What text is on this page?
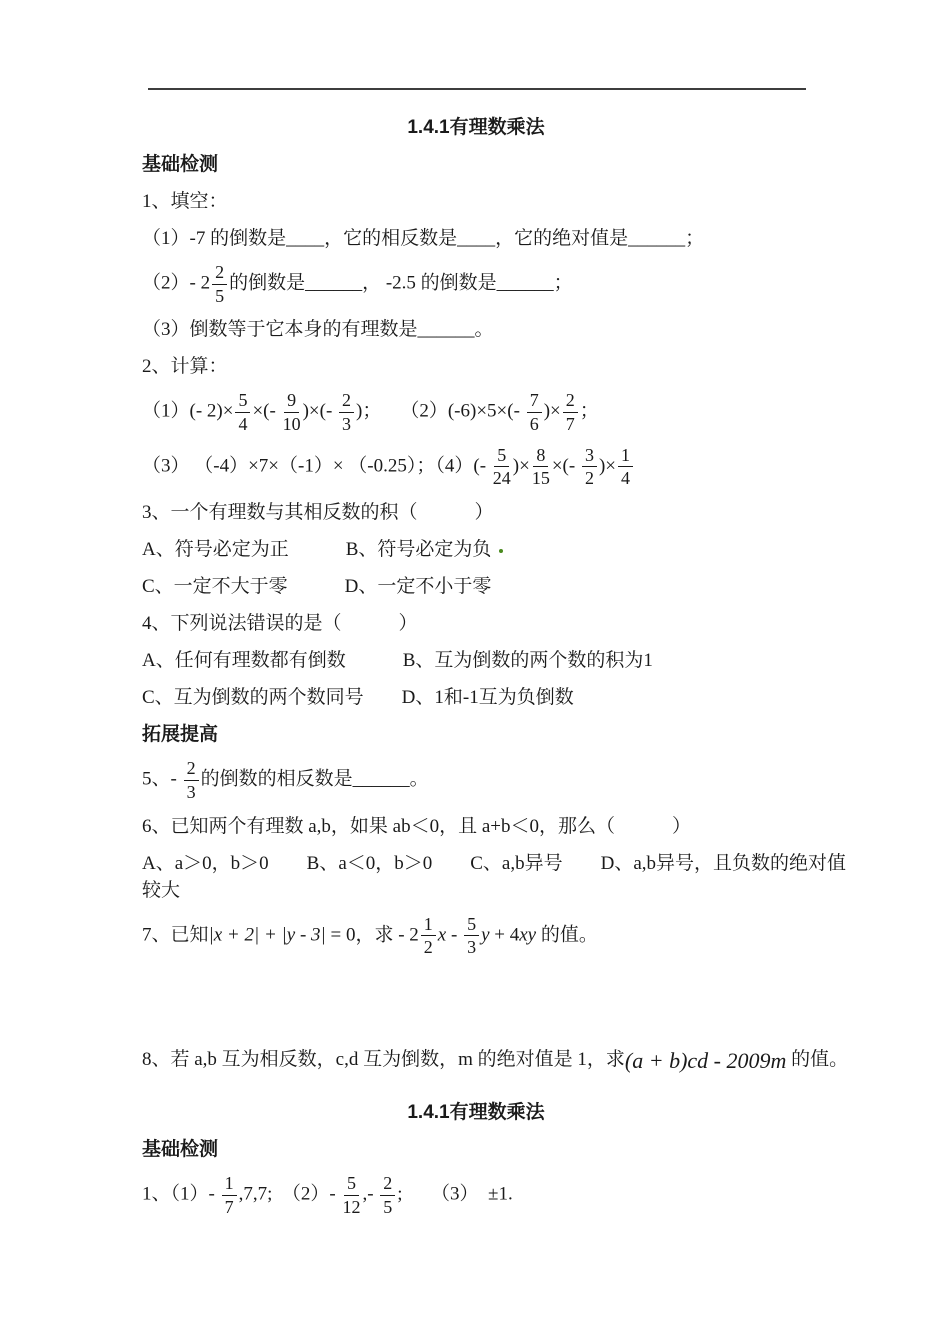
1.4.1有理数乘法
基础检测
1、填空：
（1）-7 的倒数是____，它的相反数是____，它的绝对值是______；
（2）- $2 \frac{2}{5}$ 的倒数是______， -2.5 的倒数是______；
（3）倒数等于它本身的有理数是______。
2、计算：
（1）(- $2)\times \frac{5}{4}$ ×(- $\frac{9}{10}$ )×(- $\frac{2}{3}$ )；　　$(2)(-6)\times 5\times(- \frac{7}{6}$ )× $\frac{2}{7}$ ；
（3） （-4）×7×（-1）× （-0.25）；$(4)(- \frac{5}{24}$ )× $\frac{8}{15}$ ×(- $\frac{3}{2}$ )× $\frac{1}{4}$
3、一个有理数与其相反数的积（　　　）
A、符号必定为正　　　B、符号必定为负
C、一定不大于零　　　D、一定不小于零
4、下列说法错误的是（　　　）
A、任何有理数都有倒数　　　B、互为倒数的两个数的积为1
C、互为倒数的两个数同号　　D、1和-1互为负倒数
拓展提高
5、- $\frac{2}{3}$ 的倒数的相反数是______。
6、已知两个有理数 a,b，如果 ab＜0，且 a+b＜0，那么（　　　）
A、a＞0，b＞0　　B、a＜0，b＞0　　C、a,b异号　　D、a,b异号，且负数的绝对值较大
7、已知|x + 2| + |y - 3| = 0，求 - $2 \frac{1}{2}$ x - $\frac{5}{3}$ y + 4xy 的值。
8、若 a,b 互为相反数，c,d 互为倒数，m 的绝对值是 1，求(a + b)cd - 2009m 的值。
1.4.1有理数乘法
基础检测
1、$(1)- \frac{1}{7} ,7,7$;　$(2)- \frac{5}{12}$ ,- $\frac{2}{5}$ ;　　（3）　±1.
